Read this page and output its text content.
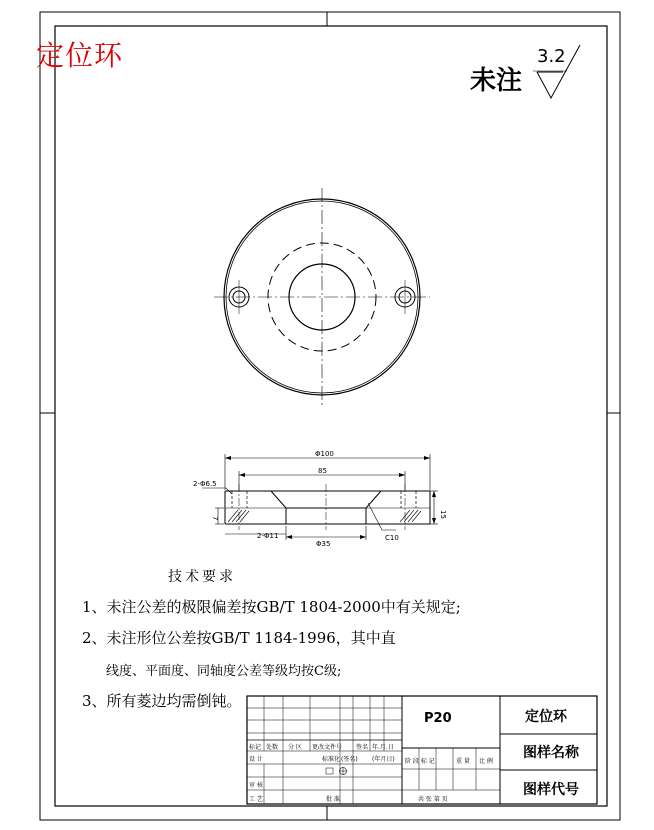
Φ100
85
2-Φ6.5
2-Φ11
Φ35
C10
15
7
定位环
未注
3.2
技术要求
1、未注公差的极限偏差按GB/T 1804-2000中有关规定;
2、未注形位公差按GB/T 1184-1996，其中直
线度、平面度、同轴度公差等级均按C级;
3、所有菱边均需倒钝。
标记 处数 分 区 更改文件号 签名 年.月.日
设 计	标准化 (签名) (年月日)
审 核
工 艺	批 准
阶 段 标 记	重 量 比 例
共 张 第 页
P20	定位环
图样名称
图样代号
